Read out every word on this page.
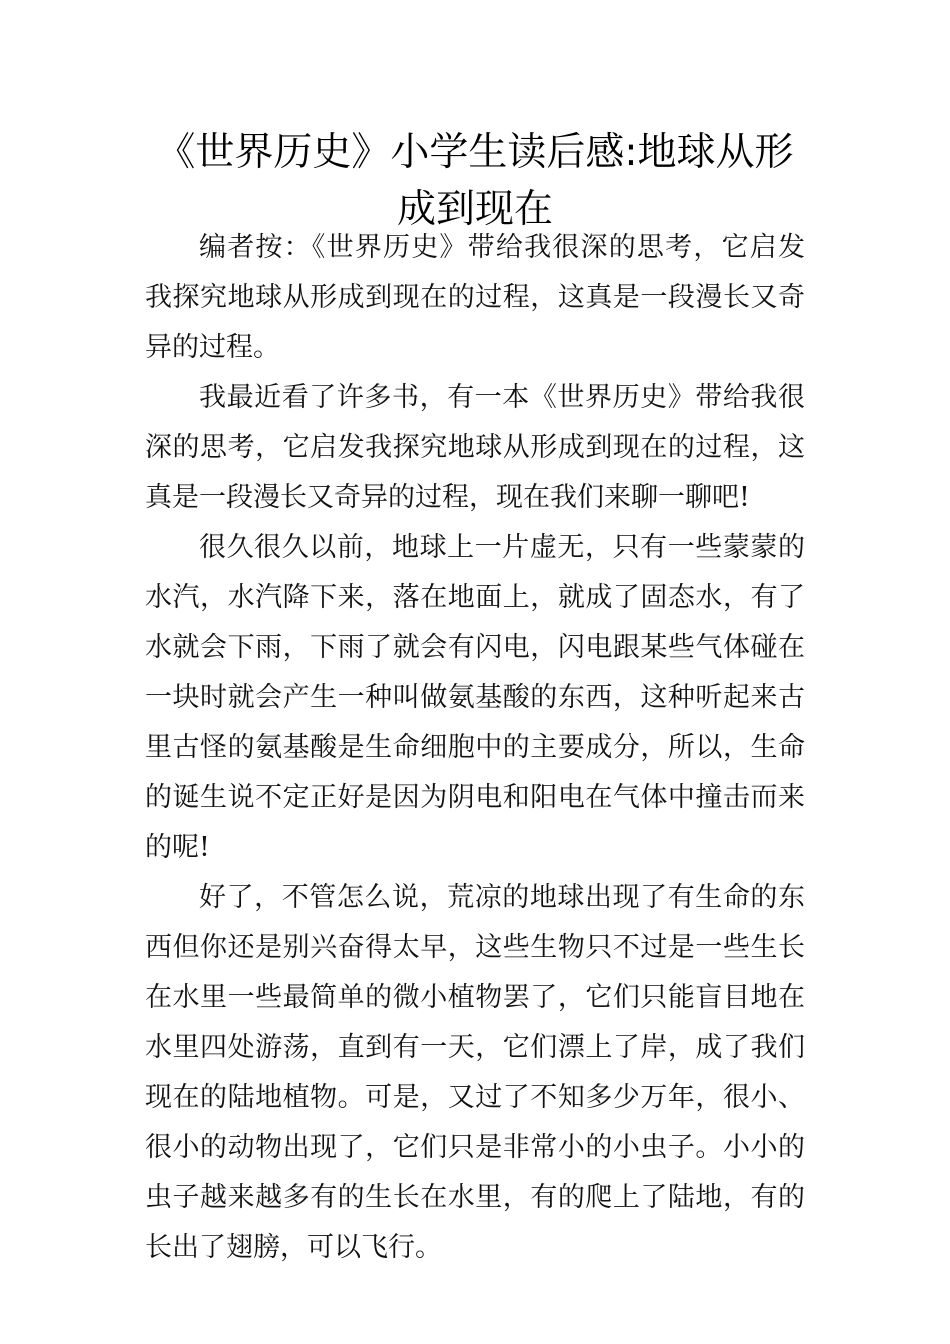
《世界历史》小学生读后感:地球从形成到现在

编者按：《世界历史》带给我很深的思考，它启发我探究地球从形成到现在的过程，这真是一段漫长又奇异的过程。

我最近看了许多书，有一本《世界历史》带给我很深的思考，它启发我探究地球从形成到现在的过程，这真是一段漫长又奇异的过程，现在我们来聊一聊吧!

很久很久以前，地球上一片虚无，只有一些蒙蒙的水汽，水汽降下来，落在地面上，就成了固态水，有了水就会下雨，下雨了就会有闪电，闪电跟某些气体碰在一块时就会产生一种叫做氨基酸的东西，这种听起来古里古怪的氨基酸是生命细胞中的主要成分，所以，生命的诞生说不定正好是因为阴电和阳电在气体中撞击而来的呢!

好了，不管怎么说，荒凉的地球出现了有生命的东西但你还是别兴奋得太早，这些生物只不过是一些生长在水里一些最简单的微小植物罢了，它们只能盲目地在水里四处游荡，直到有一天，它们漂上了岸，成了我们现在的陆地植物。可是，又过了不知多少万年，很小、很小的动物出现了，它们只是非常小的小虫子。小小的虫子越来越多有的生长在水里，有的爬上了陆地，有的长出了翅膀，可以飞行。
